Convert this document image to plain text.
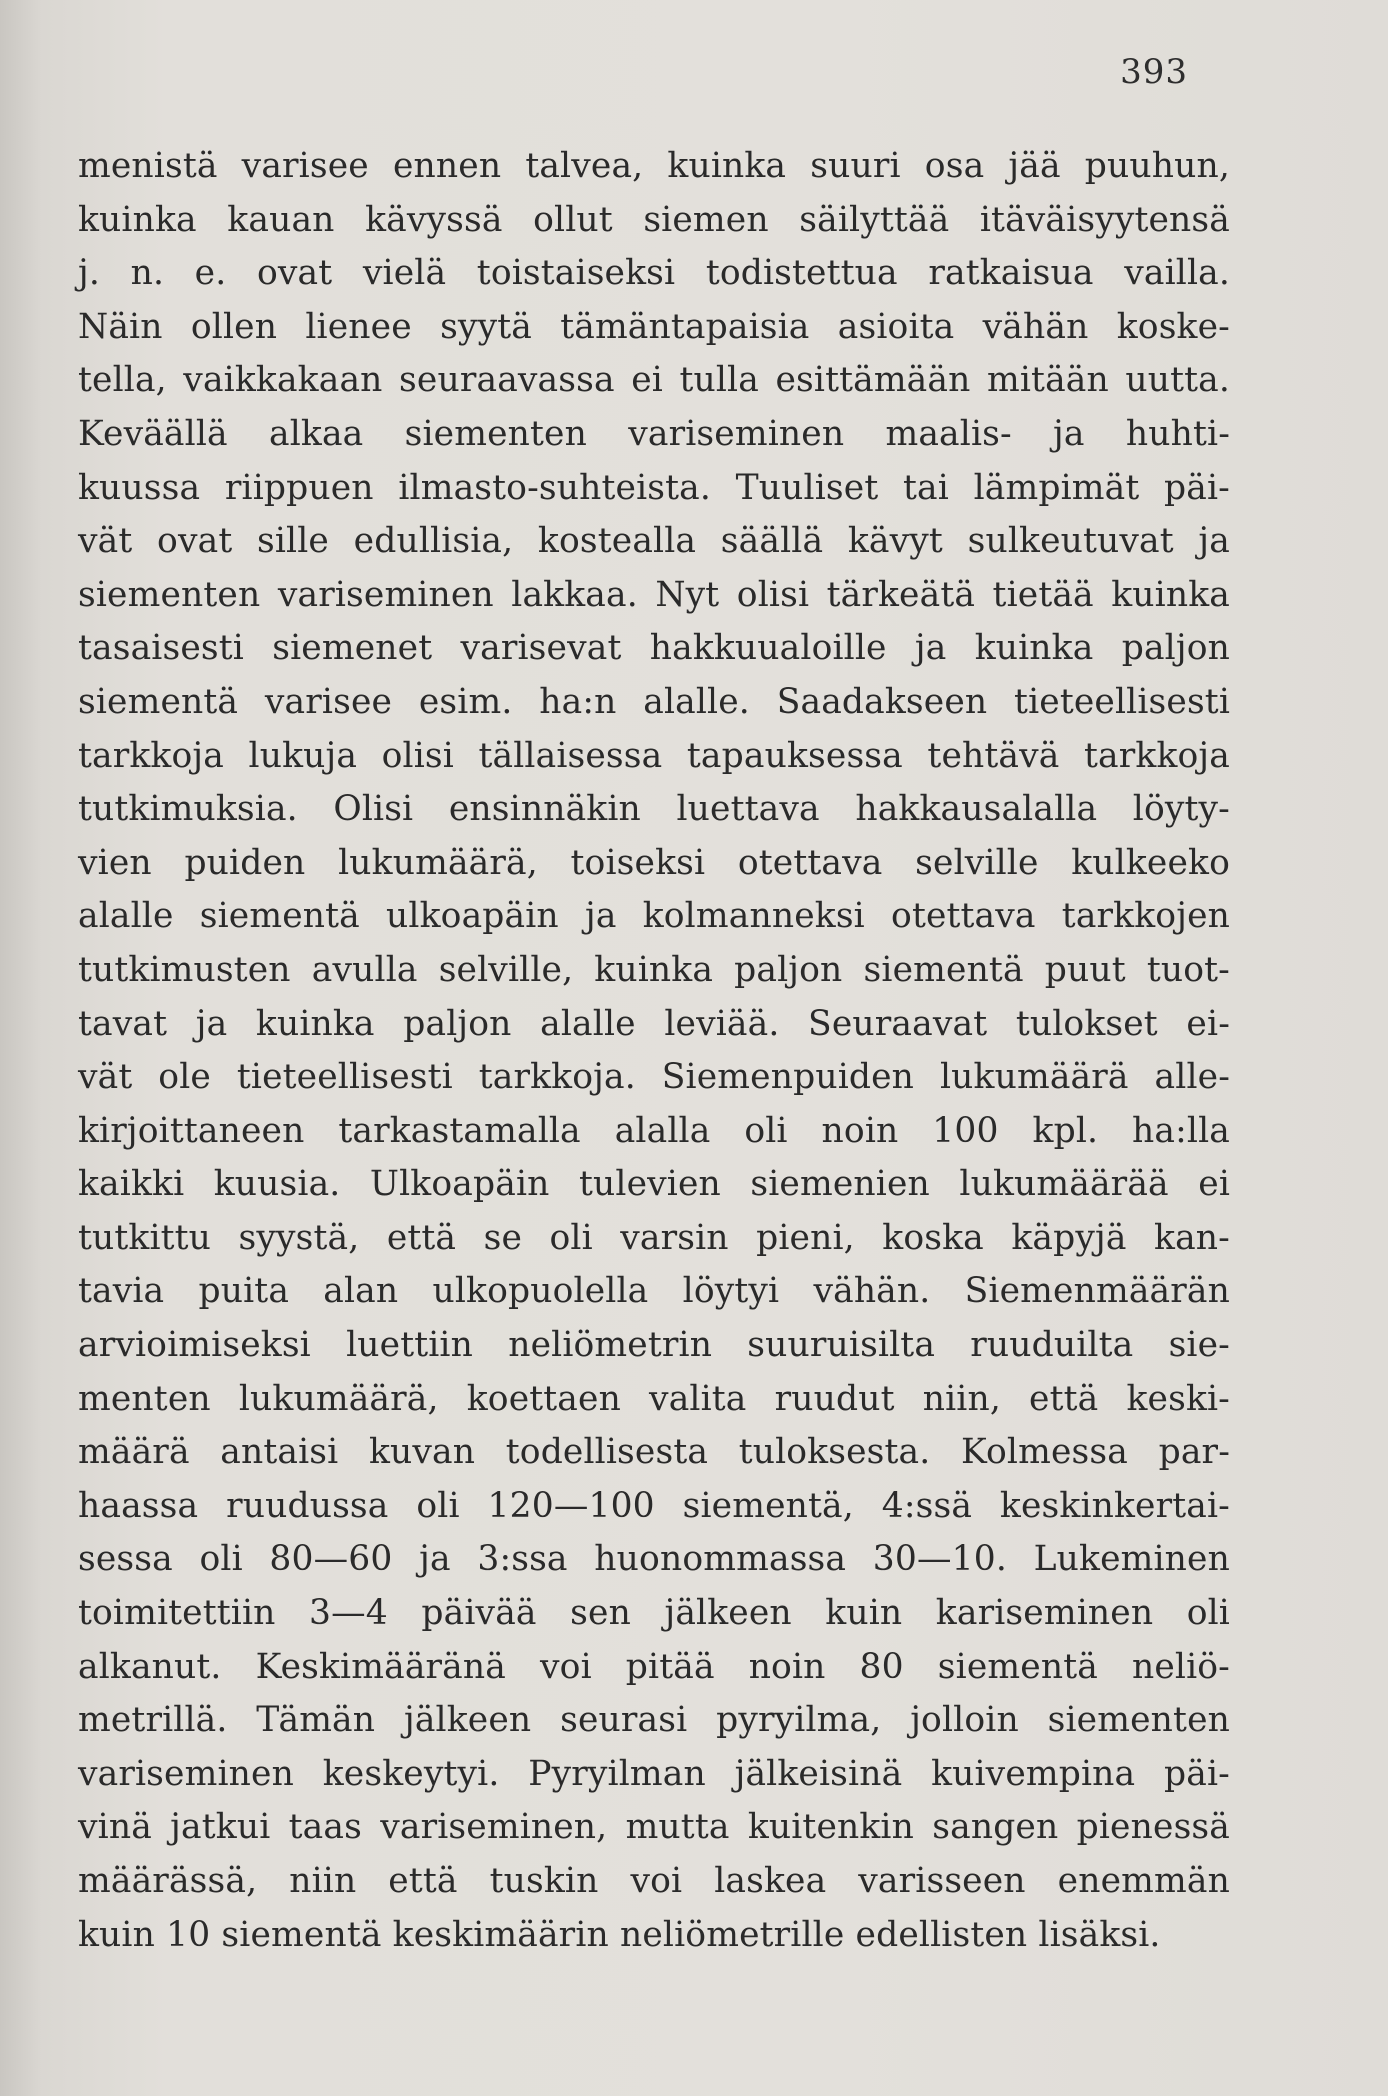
393
menistä varisee ennen talvea, kuinka suuri osa jää puuhun,
kuinka kauan kävyssä ollut siemen säilyttää itäväisyytensä
j. n. e. ovat vielä toistaiseksi todistettua ratkaisua vailla.
Näin ollen lienee syytä tämäntapaisia asioita vähän koske-
tella, vaikkakaan seuraavassa ei tulla esittämään mitään uutta.
Keväällä alkaa siementen variseminen maalis- ja huhti-
kuussa riippuen ilmasto-suhteista. Tuuliset tai lämpimät päi-
vät ovat sille edullisia, kostealla säällä kävyt sulkeutuvat ja
siementen variseminen lakkaa. Nyt olisi tärkeätä tietää kuinka
tasaisesti siemenet varisevat hakkuualoille ja kuinka paljon
siementä varisee esim. ha:n alalle. Saadakseen tieteellisesti
tarkkoja lukuja olisi tällaisessa tapauksessa tehtävä tarkkoja
tutkimuksia. Olisi ensinnäkin luettava hakkausalalla löyty-
vien puiden lukumäärä, toiseksi otettava selville kulkeeko
alalle siementä ulkoapäin ja kolmanneksi otettava tarkkojen
tutkimusten avulla selville, kuinka paljon siementä puut tuot-
tavat ja kuinka paljon alalle leviää. Seuraavat tulokset ei-
vät ole tieteellisesti tarkkoja. Siemenpuiden lukumäärä alle-
kirjoittaneen tarkastamalla alalla oli noin 100 kpl. ha:lla
kaikki kuusia. Ulkoapäin tulevien siemenien lukumäärää ei
tutkittu syystä, että se oli varsin pieni, koska käpyjä kan-
tavia puita alan ulkopuolella löytyi vähän. Siemenmäärän
arvioimiseksi luettiin neliömetrin suuruisilta ruuduilta sie-
menten lukumäärä, koettaen valita ruudut niin, että keski-
määrä antaisi kuvan todellisesta tuloksesta. Kolmessa par-
haassa ruudussa oli 120—100 siementä, 4:ssä keskinkertai-
sessa oli 80—60 ja 3:ssa huonommassa 30—10. Lukeminen
toimitettiin 3—4 päivää sen jälkeen kuin kariseminen oli
alkanut. Keskimääränä voi pitää noin 80 siementä neliö-
metrillä. Tämän jälkeen seurasi pyryilma, jolloin siementen
variseminen keskeytyi. Pyryilman jälkeisinä kuivempina päi-
vinä jatkui taas variseminen, mutta kuitenkin sangen pienessä
määrässä, niin että tuskin voi laskea varisseen enemmän
kuin 10 siementä keskimäärin neliömetrille edellisten lisäksi.
